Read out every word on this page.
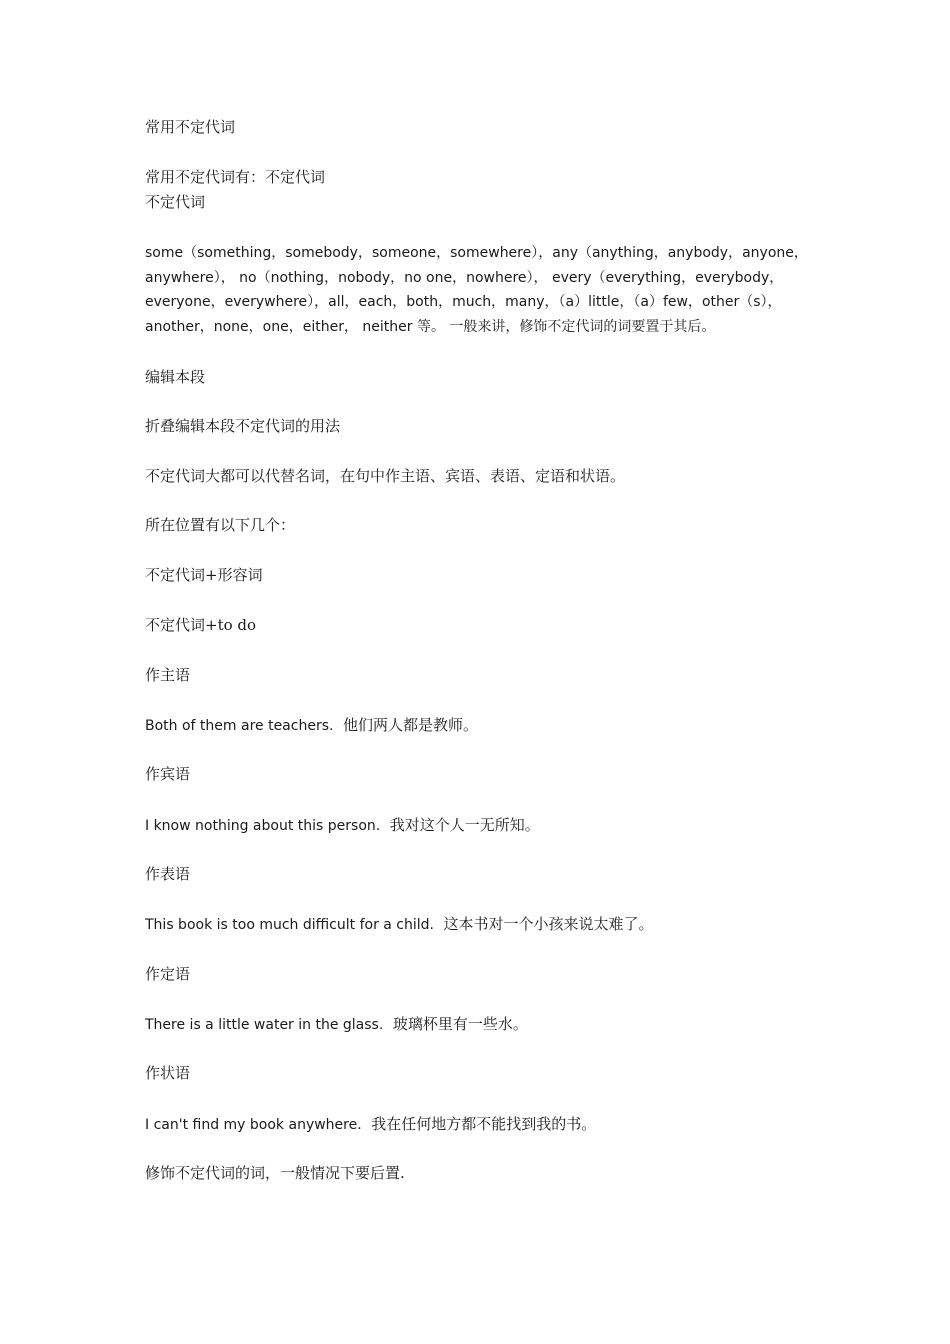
常用不定代词
常用不定代词有：不定代词
不定代词
some（something，somebody，someone，somewhere），any（anything，anybody，anyone，
anywhere）， no（nothing，nobody，no one，nowhere）， every（everything，everybody，
everyone，everywhere），all，each，both，much，many，（a）little，（a）few，other（s），
another，none，one，either， neither 等。 一般来讲，修饰不定代词的词要置于其后。
编辑本段
折叠编辑本段不定代词的用法
不定代词大都可以代替名词，在句中作主语、宾语、表语、定语和状语。
所在位置有以下几个：
不定代词+形容词
不定代词+to do
作主语
Both of them are teachers. 他们两人都是教师。
作宾语
I know nothing about this person. 我对这个人一无所知。
作表语
This book is too much difficult for a child. 这本书对一个小孩来说太难了。
作定语
There is a little water in the glass. 玻璃杯里有一些水。
作状语
I can't find my book anywhere. 我在任何地方都不能找到我的书。
修饰不定代词的词，一般情况下要后置.
